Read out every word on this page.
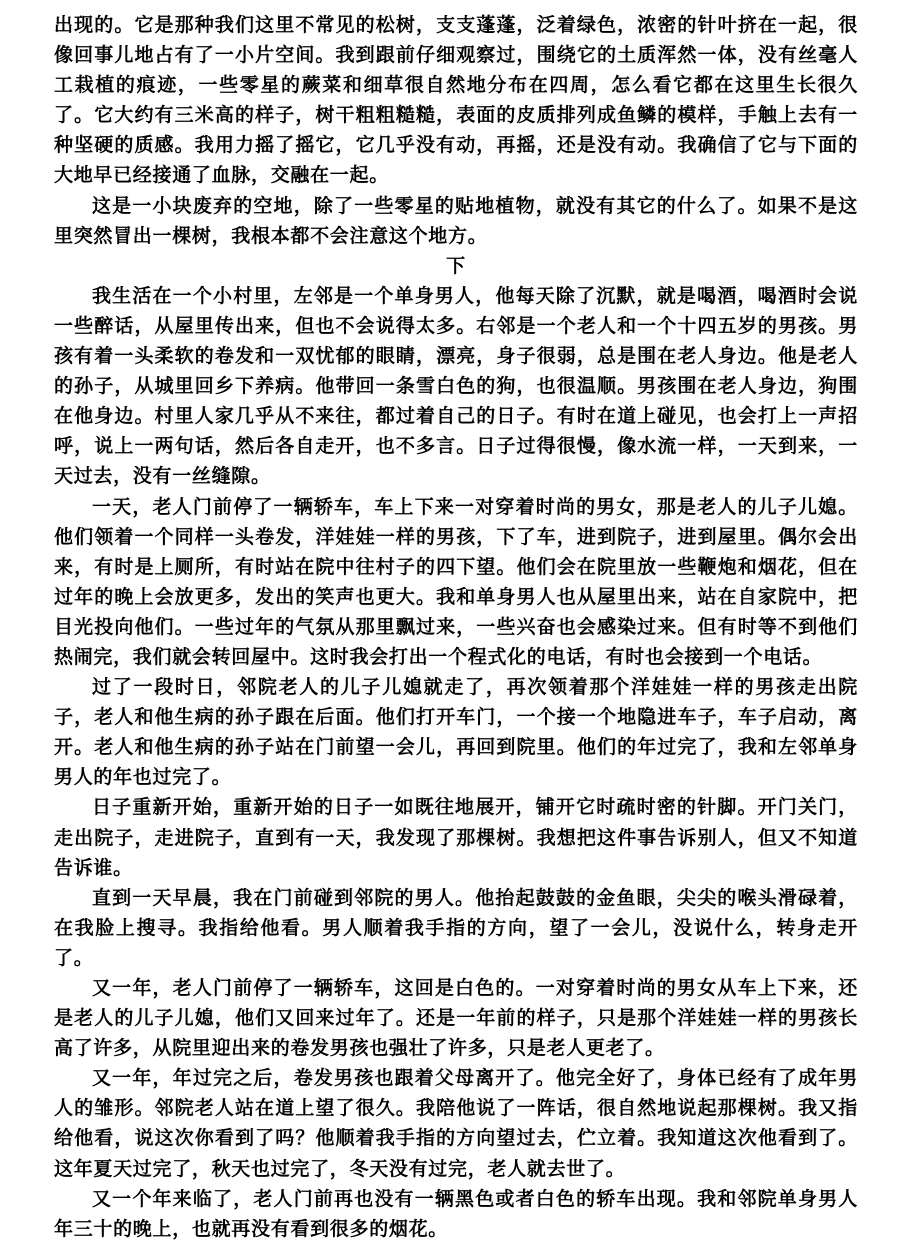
出现的。它是那种我们这里不常见的松树，支支蓬蓬，泛着绿色，浓密的针叶挤在一起，很像回事儿地占有了一小片空间。我到跟前仔细观察过，围绕它的土质浑然一体，没有丝毫人工栽植的痕迹，一些零星的蕨菜和细草很自然地分布在四周，怎么看它都在这里生长很久了。它大约有三米高的样子，树干粗粗糙糙，表面的皮质排列成鱼鳞的模样，手触上去有一种坚硬的质感。我用力摇了摇它，它几乎没有动，再摇，还是没有动。我确信了它与下面的大地早已经接通了血脉，交融在一起。

这是一小块废弃的空地，除了一些零星的贴地植物，就没有其它的什么了。如果不是这里突然冒出一棵树，我根本都不会注意这个地方。

下

我生活在一个小村里，左邻是一个单身男人，他每天除了沉默，就是喝酒，喝酒时会说一些醉话，从屋里传出来，但也不会说得太多。右邻是一个老人和一个十四五岁的男孩。男孩有着一头柔软的卷发和一双忧郁的眼睛，漂亮，身子很弱，总是围在老人身边。他是老人的孙子，从城里回乡下养病。他带回一条雪白色的狗，也很温顺。男孩围在老人身边，狗围在他身边。村里人家几乎从不来往，都过着自己的日子。有时在道上碰见，也会打上一声招呼，说上一两句话，然后各自走开，也不多言。日子过得很慢，像水流一样，一天到来，一天过去，没有一丝缝隙。

一天，老人门前停了一辆轿车，车上下来一对穿着时尚的男女，那是老人的儿子儿媳。他们领着一个同样一头卷发，洋娃娃一样的男孩，下了车，进到院子，进到屋里。偶尔会出来，有时是上厕所，有时站在院中往村子的四下望。他们会在院里放一些鞭炮和烟花，但在过年的晚上会放更多，发出的笑声也更大。我和单身男人也从屋里出来，站在自家院中，把目光投向他们。一些过年的气氛从那里飘过来，一些兴奋也会感染过来。但有时等不到他们热闹完，我们就会转回屋中。这时我会打出一个程式化的电话，有时也会接到一个电话。

过了一段时日，邻院老人的儿子儿媳就走了，再次领着那个洋娃娃一样的男孩走出院子，老人和他生病的孙子跟在后面。他们打开车门，一个接一个地隐进车子，车子启动，离开。老人和他生病的孙子站在门前望一会儿，再回到院里。他们的年过完了，我和左邻单身男人的年也过完了。

日子重新开始，重新开始的日子一如既往地展开，铺开它时疏时密的针脚。开门关门，走出院子，走进院子，直到有一天，我发现了那棵树。我想把这件事告诉别人，但又不知道告诉谁。

直到一天早晨，我在门前碰到邻院的男人。他抬起鼓鼓的金鱼眼，尖尖的喉头滑碌着，在我脸上搜寻。我指给他看。男人顺着我手指的方向，望了一会儿，没说什么，转身走开了。

又一年，老人门前停了一辆轿车，这回是白色的。一对穿着时尚的男女从车上下来，还是老人的儿子儿媳，他们又回来过年了。还是一年前的样子，只是那个洋娃娃一样的男孩长高了许多，从院里迎出来的卷发男孩也强壮了许多，只是老人更老了。

又一年，年过完之后，卷发男孩也跟着父母离开了。他完全好了，身体已经有了成年男人的雏形。邻院老人站在道上望了很久。我陪他说了一阵话，很自然地说起那棵树。我又指给他看，说这次你看到了吗？他顺着我手指的方向望过去，伫立着。我知道这次他看到了。这年夏天过完了，秋天也过完了，冬天没有过完，老人就去世了。

又一个年来临了，老人门前再也没有一辆黑色或者白色的轿车出现。我和邻院单身男人年三十的晚上，也就再没有看到很多的烟花。
